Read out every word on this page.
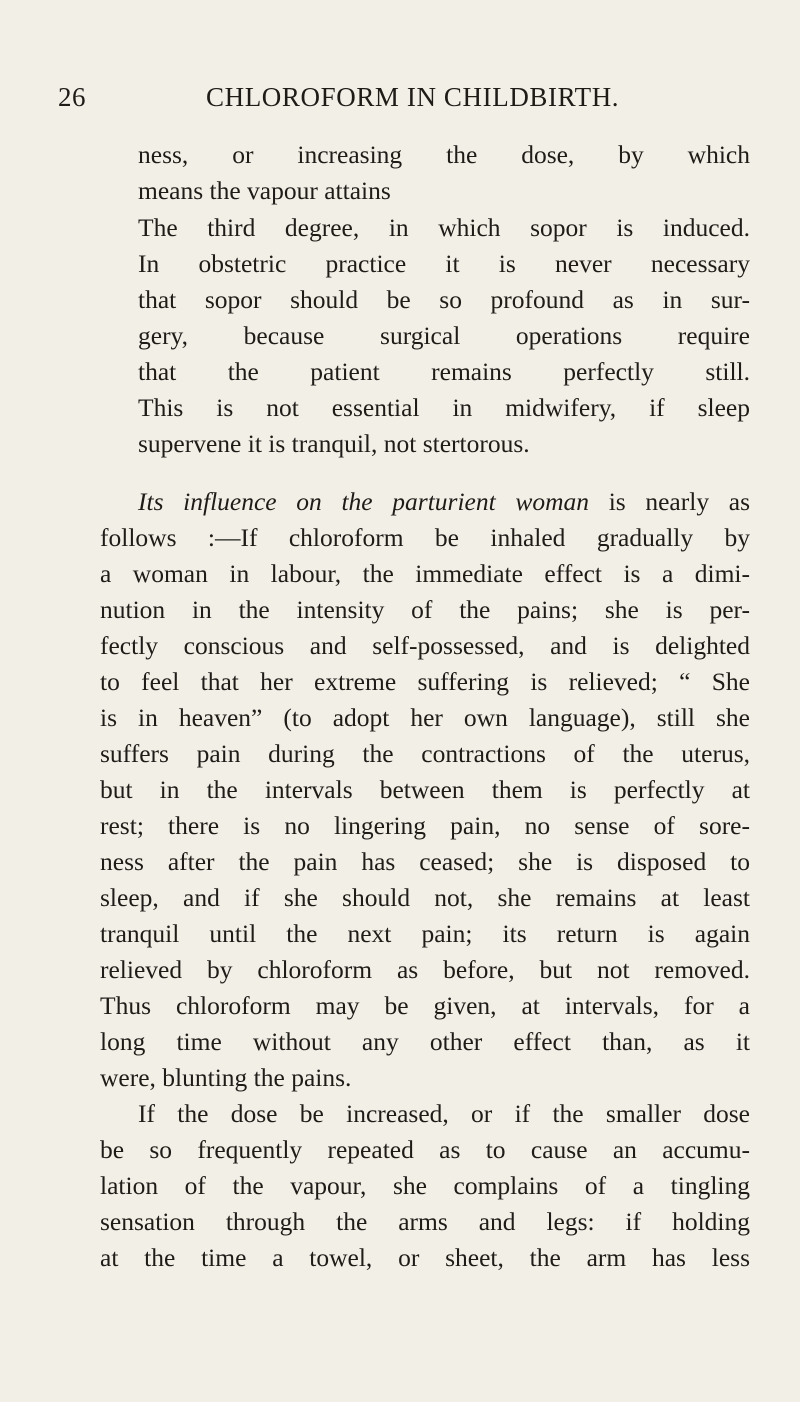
26	CHLOROFORM IN CHILDBIRTH.
ness, or increasing the dose, by which
means the vapour attains
The third degree, in which sopor is induced.
In obstetric practice it is never necessary
that sopor should be so profound as in sur-
gery, because surgical operations require
that the patient remains perfectly still.
This is not essential in midwifery, if sleep
supervene it is tranquil, not stertorous.
Its influence on the parturient woman is nearly as
follows :—If chloroform be inhaled gradually by
a woman in labour, the immediate effect is a dimi-
nution in the intensity of the pains; she is per-
fectly conscious and self-possessed, and is delighted
to feel that her extreme suffering is relieved; “ She
is in heaven” (to adopt her own language), still she
suffers pain during the contractions of the uterus,
but in the intervals between them is perfectly at
rest; there is no lingering pain, no sense of sore-
ness after the pain has ceased; she is disposed to
sleep, and if she should not, she remains at least
tranquil until the next pain; its return is again
relieved by chloroform as before, but not removed.
Thus chloroform may be given, at intervals, for a
long time without any other effect than, as it
were, blunting the pains.
If the dose be increased, or if the smaller dose
be so frequently repeated as to cause an accumu-
lation of the vapour, she complains of a tingling
sensation through the arms and legs: if holding
at the time a towel, or sheet, the arm has less
